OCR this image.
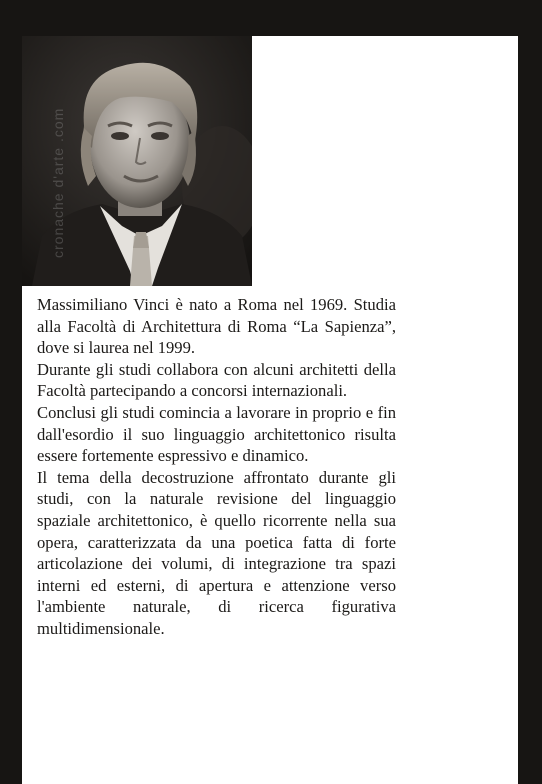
Massimiliano Vinci è nato a Roma nel 1969. Studia alla Facoltà di Architettura di Roma “La Sapienza”, dove si laurea nel 1999.

Durante gli studi collabora con alcuni architetti della Facoltà partecipando a concorsi internazionali.

Conclusi gli studi comincia a lavorare in proprio e fin dall'esordio il suo linguaggio architettonico risulta essere fortemente espressivo e dinamico.

Il tema della decostruzione affrontato durante gli studi, con la naturale revisione del linguaggio spaziale architettonico, è quello ricorrente nella sua opera, caratterizzata da una poetica fatta di forte articolazione dei volumi, di integrazione tra spazi interni ed esterni, di apertura e attenzione verso l'ambiente naturale, di ricerca figurativa multidimensionale.

cronache d'arte .com
